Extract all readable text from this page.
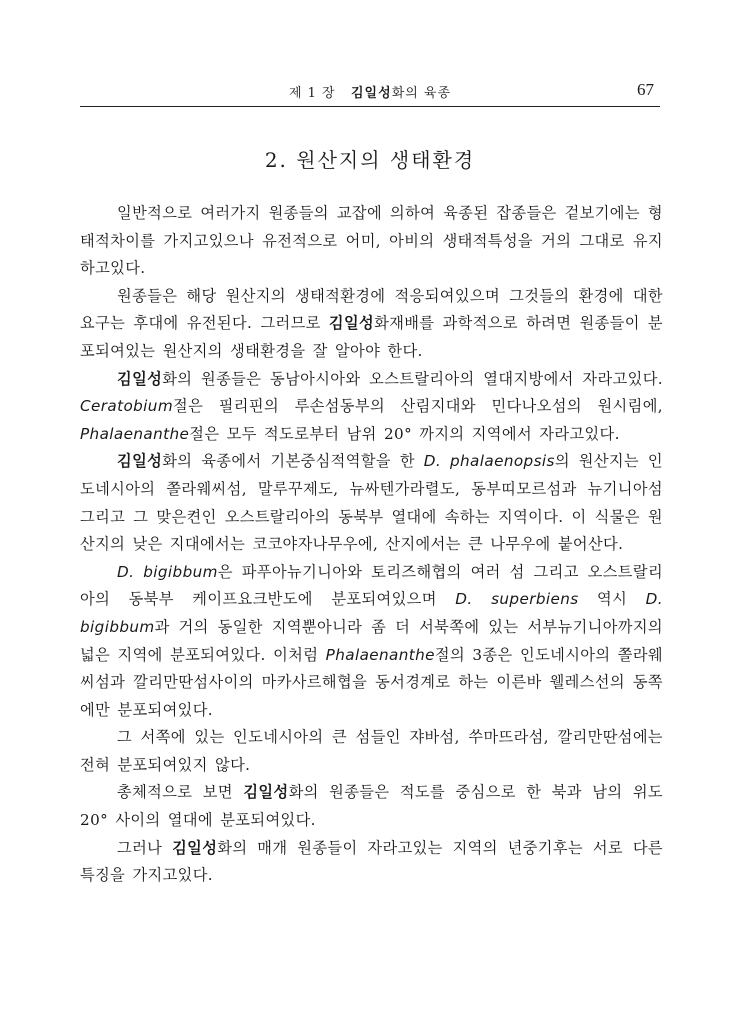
제 1 장 김일성화의 육종	67
2. 원산지의 생태환경

일반적으로 여러가지 원종들의 교잡에 의하여 육종된 잡종들은 겉보기에는 형태적차이를 가지고있으나 유전적으로 어미, 아비의 생태적특성을 거의 그대로 유지하고있다.

원종들은 해당 원산지의 생태적환경에 적응되여있으며 그것들의 환경에 대한 요구는 후대에 유전된다. 그러므로 김일성화재배를 과학적으로 하려면 원종들이 분포되여있는 원산지의 생태환경을 잘 알아야 한다.

김일성화의 원종들은 동남아시아와 오스트랄리아의 열대지방에서 자라고있다. Ceratobium절은 필리핀의 루손섬동부의 산림지대와 민다나오섬의 원시림에, Phalaenanthe절은 모두 적도로부터 남위 20° 까지의 지역에서 자라고있다.

김일성화의 육종에서 기본중심적역할을 한 D. phalaenopsis의 원산지는 인도네시아의 쫄라웨씨섬, 말루꾸제도, 뉴싸텐가라렬도, 동부띠모르섬과 뉴기니아섬 그리고 그 맞은켠인 오스트랄리아의 동북부 열대에 속하는 지역이다. 이 식물은 원산지의 낮은 지대에서는 코코야자나무우에, 산지에서는 큰 나무우에 붙어산다.

D. bigibbum은 파푸아뉴기니아와 토리즈해협의 여러 섬 그리고 오스트랄리아의 동북부 케이프요크반도에 분포되여있으며 D. superbiens 역시 D. bigibbum과 거의 동일한 지역뿐아니라 좀 더 서북쪽에 있는 서부뉴기니아까지의 넓은 지역에 분포되여있다. 이처럼 Phalaenanthe절의 3종은 인도네시아의 쫄라웨씨섬과 깔리만딴섬사이의 마카사르해협을 동서경계로 하는 이른바 웰레스선의 동쪽에만 분포되여있다.

그 서쪽에 있는 인도네시아의 큰 섬들인 쟈바섬, 쑤마뜨라섬, 깔리만딴섬에는 전혀 분포되여있지 않다.

총체적으로 보면 김일성화의 원종들은 적도를 중심으로 한 북과 남의 위도 20° 사이의 열대에 분포되여있다.

그러나 김일성화의 매개 원종들이 자라고있는 지역의 년중기후는 서로 다른 특징을 가지고있다.
